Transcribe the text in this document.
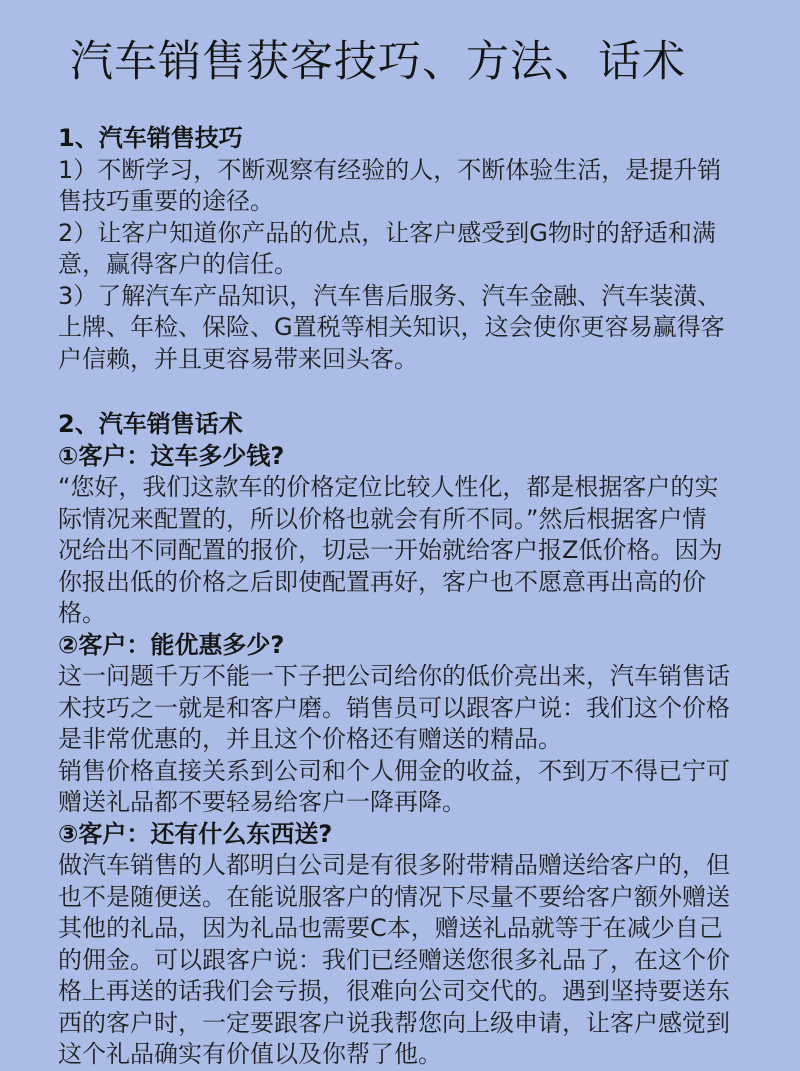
汽车销售获客技巧、方法、话术

1、汽车销售技巧

1）不断学习，不断观察有经验的人，不断体验生活，是提升销

售技巧重要的途径。

2）让客户知道你产品的优点，让客户感受到G物时的舒适和满

意，赢得客户的信任。

3）了解汽车产品知识，汽车售后服务、汽车金融、汽车装潢、

上牌、年检、保险、G置税等相关知识，这会使你更容易赢得客

户信赖，并且更容易带来回头客。

2、汽车销售话术

①客户：这车多少钱?

“您好，我们这款车的价格定位比较人性化，都是根据客户的实

际情况来配置的，所以价格也就会有所不同。”然后根据客户情

况给出不同配置的报价，切忌一开始就给客户报Z低价格。因为

你报出低的价格之后即使配置再好，客户也不愿意再出高的价

格。

②客户：能优惠多少?

这一问题千万不能一下子把公司给你的低价亮出来，汽车销售话

术技巧之一就是和客户磨。销售员可以跟客户说：我们这个价格

是非常优惠的，并且这个价格还有赠送的精品。

销售价格直接关系到公司和个人佣金的收益，不到万不得已宁可

赠送礼品都不要轻易给客户一降再降。

③客户：还有什么东西送?

做汽车销售的人都明白公司是有很多附带精品赠送给客户的，但

也不是随便送。在能说服客户的情况下尽量不要给客户额外赠送

其他的礼品，因为礼品也需要C本，赠送礼品就等于在减少自己

的佣金。可以跟客户说：我们已经赠送您很多礼品了，在这个价

格上再送的话我们会亏损，很难向公司交代的。遇到坚持要送东

西的客户时，一定要跟客户说我帮您向上级申请，让客户感觉到

这个礼品确实有价值以及你帮了他。
